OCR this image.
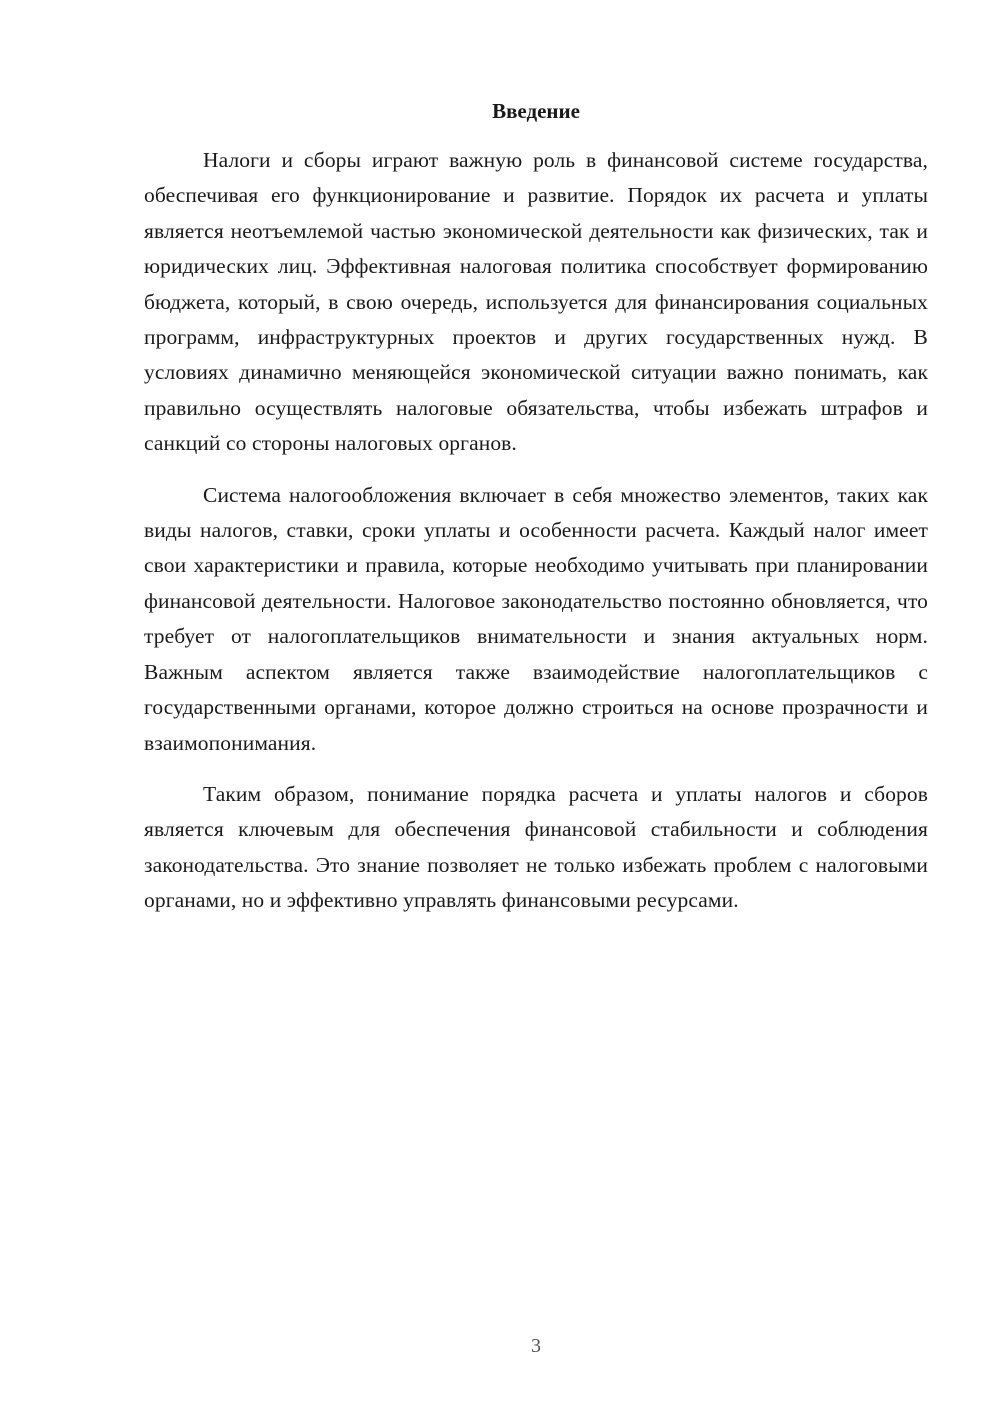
Введение

Налоги и сборы играют важную роль в финансовой системе государства, обеспечивая его функционирование и развитие. Порядок их расчета и уплаты является неотъемлемой частью экономической деятельности как физических, так и юридических лиц. Эффективная налоговая политика способствует формированию бюджета, который, в свою очередь, используется для финансирования социальных программ, инфраструктурных проектов и других государственных нужд. В условиях динамично меняющейся экономической ситуации важно понимать, как правильно осуществлять налоговые обязательства, чтобы избежать штрафов и санкций со стороны налоговых органов.

Система налогообложения включает в себя множество элементов, таких как виды налогов, ставки, сроки уплаты и особенности расчета. Каждый налог имеет свои характеристики и правила, которые необходимо учитывать при планировании финансовой деятельности. Налоговое законодательство постоянно обновляется, что требует от налогоплательщиков внимательности и знания актуальных норм. Важным аспектом является также взаимодействие налогоплательщиков с государственными органами, которое должно строиться на основе прозрачности и взаимопонимания.

Таким образом, понимание порядка расчета и уплаты налогов и сборов является ключевым для обеспечения финансовой стабильности и соблюдения законодательства. Это знание позволяет не только избежать проблем с налоговыми органами, но и эффективно управлять финансовыми ресурсами.

3
